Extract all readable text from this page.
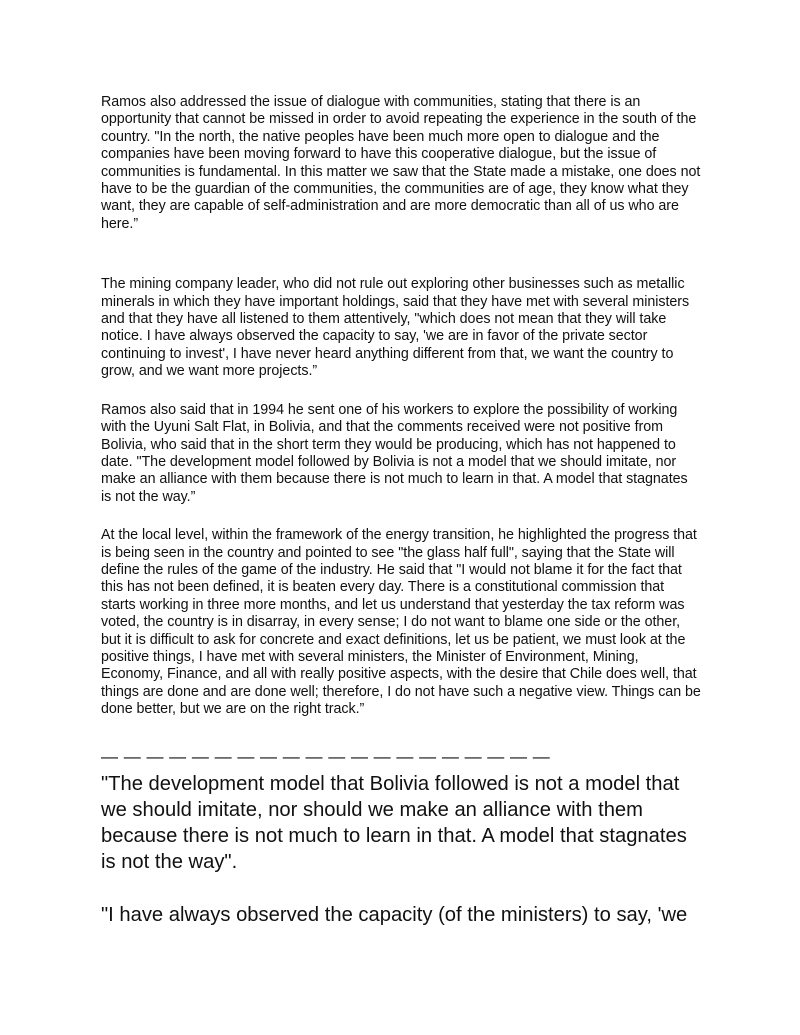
Ramos also addressed the issue of dialogue with communities, stating that there is an opportunity that cannot be missed in order to avoid repeating the experience in the south of the country. "In the north, the native peoples have been much more open to dialogue and the companies have been moving forward to have this cooperative dialogue, but the issue of communities is fundamental. In this matter we saw that the State made a mistake, one does not have to be the guardian of the communities, the communities are of age, they know what they want, they are capable of self-administration and are more democratic than all of us who are here.”

The mining company leader, who did not rule out exploring other businesses such as metallic minerals in which they have important holdings, said that they have met with several ministers and that they have all listened to them attentively, "which does not mean that they will take notice. I have always observed the capacity to say, 'we are in favor of the private sector continuing to invest', I have never heard anything different from that, we want the country to grow, and we want more projects.”

Ramos also said that in 1994 he sent one of his workers to explore the possibility of working with the Uyuni Salt Flat, in Bolivia, and that the comments received were not positive from Bolivia, who said that in the short term they would be producing, which has not happened to date. "The development model followed by Bolivia is not a model that we should imitate, nor make an alliance with them because there is not much to learn in that. A model that stagnates is not the way.”

At the local level, within the framework of the energy transition, he highlighted the progress that is being seen in the country and pointed to see "the glass half full", saying that the State will define the rules of the game of the industry. He said that "I would not blame it for the fact that this has not been defined, it is beaten every day. There is a constitutional commission that starts working in three more months, and let us understand that yesterday the tax reform was voted, the country is in disarray, in every sense; I do not want to blame one side or the other, but it is difficult to ask for concrete and exact definitions, let us be patient, we must look at the positive things, I have met with several ministers, the Minister of Environment, Mining, Economy, Finance, and all with really positive aspects, with the desire that Chile does well, that things are done and are done well; therefore, I do not have such a negative view. Things can be done better, but we are on the right track.”

— — — — — — — — — — — — — — — — — — — —

"The development model that Bolivia followed is not a model that we should imitate, nor should we make an alliance with them because there is not much to learn in that. A model that stagnates is not the way".

"I have always observed the capacity (of the ministers) to say, 'we
